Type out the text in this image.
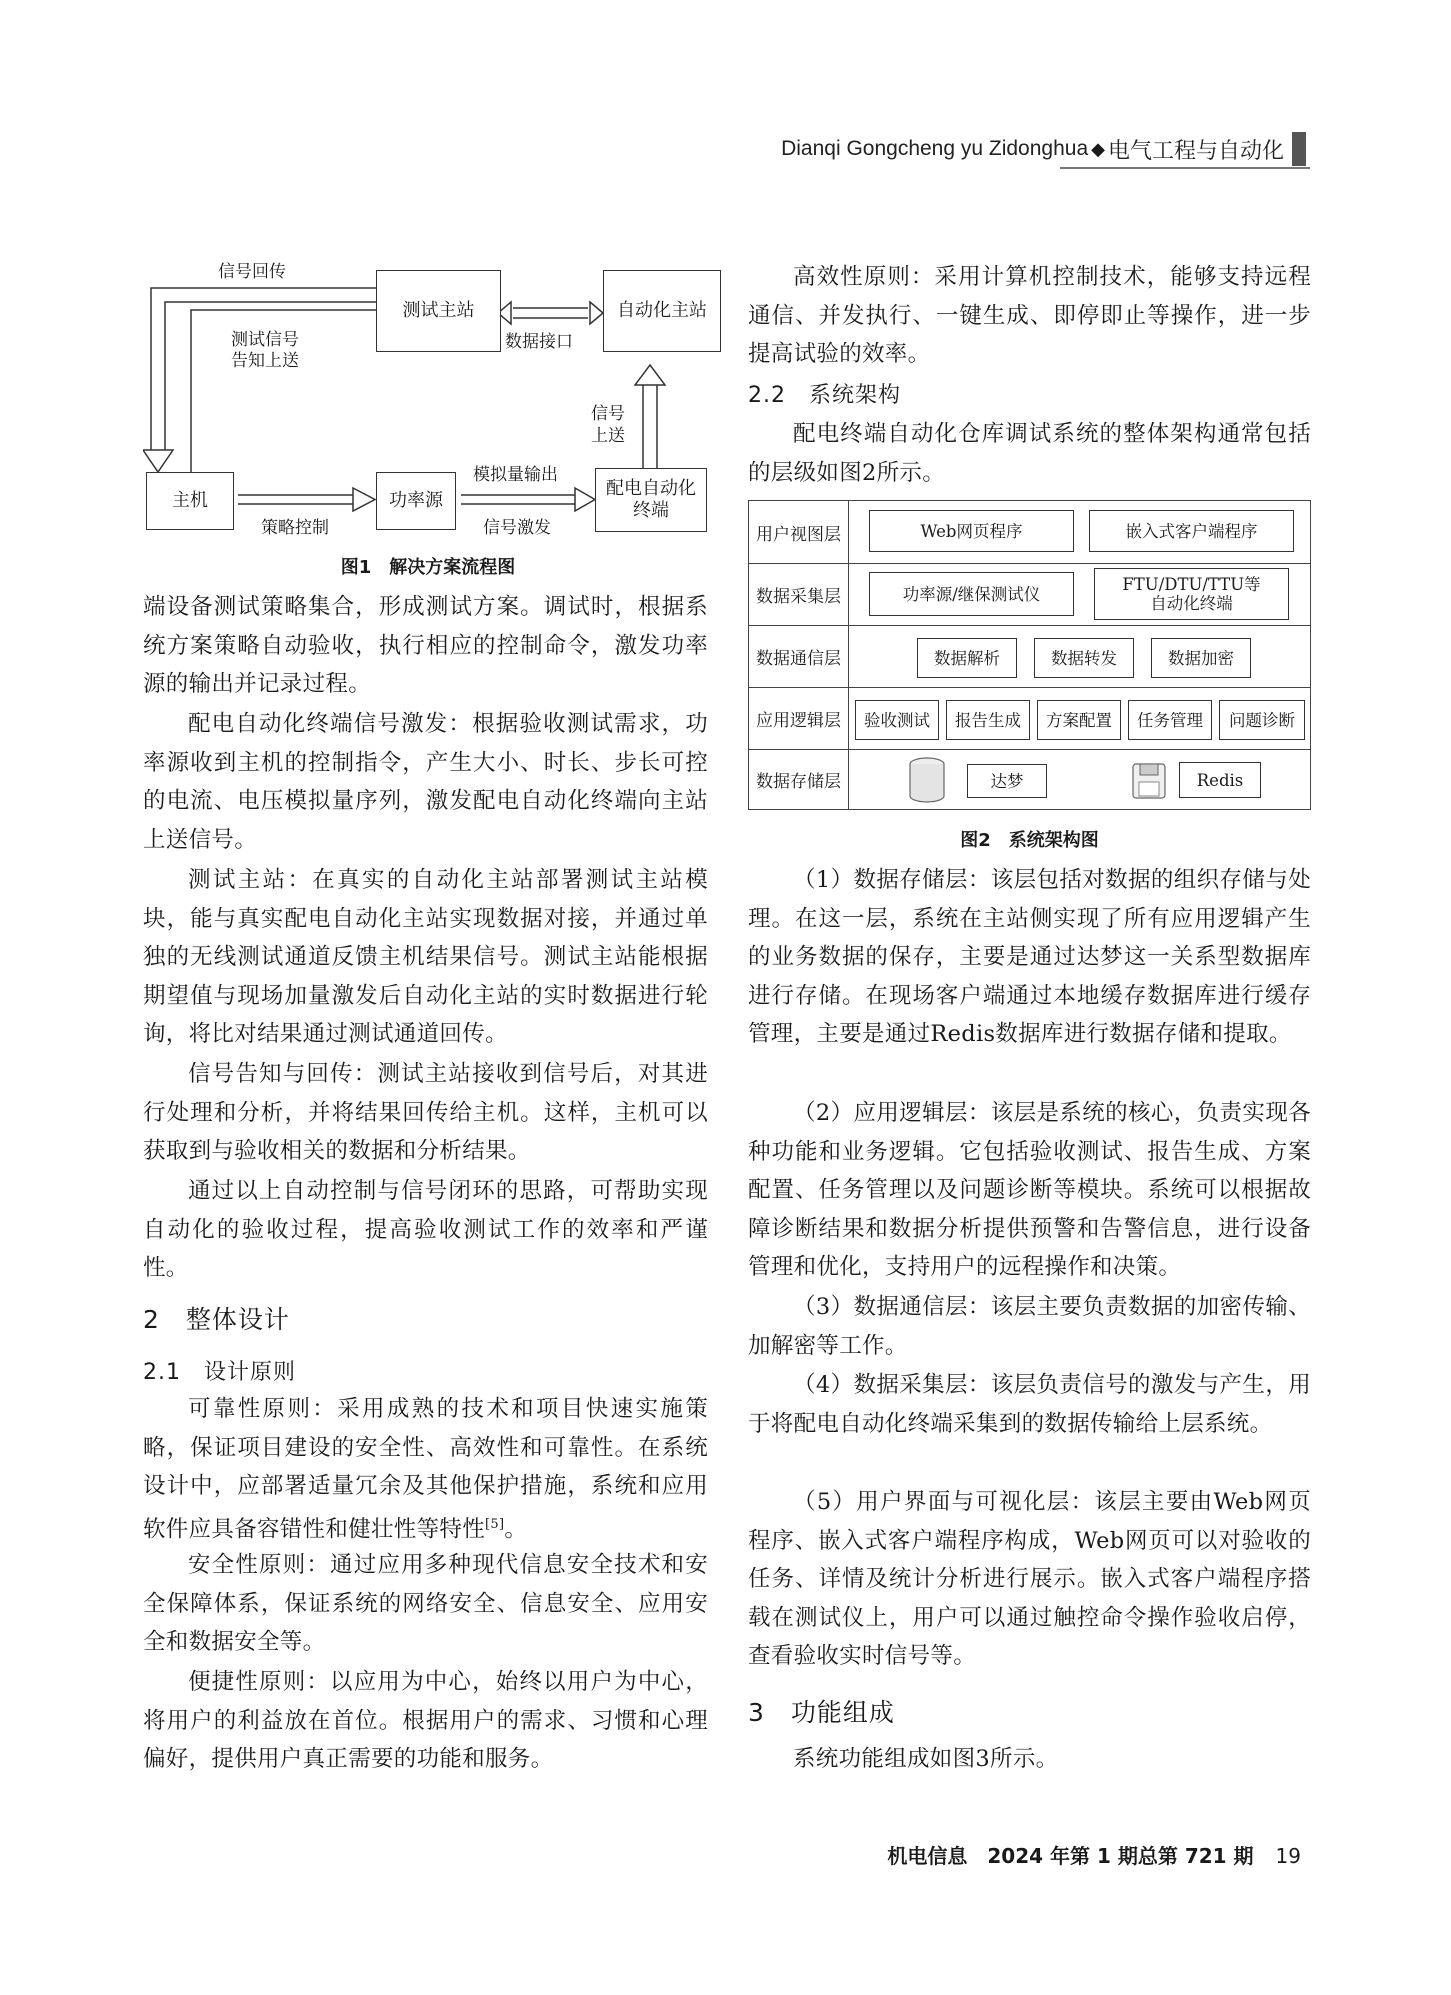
Dianqi Gongcheng yu Zidonghua ◆ 电气工程与自动化
测试主站	自动化主站
主机	功率源
配电自动化终端
信号回传
测试信号
告知上送
数据接口
信号
上送
模拟量输出
策略控制	信号激发
图1　解决方案流程图
端设备测试策略集合，形成测试方案。调试时，根据系统方案策略自动验收，执行相应的控制命令，激发功率源的输出并记录过程。
配电自动化终端信号激发：根据验收测试需求，功率源收到主机的控制指令，产生大小、时长、步长可控的电流、电压模拟量序列，激发配电自动化终端向主站上送信号。
测试主站：在真实的自动化主站部署测试主站模块，能与真实配电自动化主站实现数据对接，并通过单独的无线测试通道反馈主机结果信号。测试主站能根据期望值与现场加量激发后自动化主站的实时数据进行轮询，将比对结果通过测试通道回传。
信号告知与回传：测试主站接收到信号后，对其进行处理和分析，并将结果回传给主机。这样，主机可以获取到与验收相关的数据和分析结果。
通过以上自动控制与信号闭环的思路，可帮助实现自动化的验收过程，提高验收测试工作的效率和严谨性。
2　整体设计
2.1　设计原则
可靠性原则：采用成熟的技术和项目快速实施策略，保证项目建设的安全性、高效性和可靠性。在系统设计中，应部署适量冗余及其他保护措施，系统和应用软件应具备容错性和健壮性等特性[5]。
安全性原则：通过应用多种现代信息安全技术和安全保障体系，保证系统的网络安全、信息安全、应用安全和数据安全等。
便捷性原则：以应用为中心，始终以用户为中心，将用户的利益放在首位。根据用户的需求、习惯和心理偏好，提供用户真正需要的功能和服务。
高效性原则：采用计算机控制技术，能够支持远程通信、并发执行、一键生成、即停即止等操作，进一步提高试验的效率。
2.2　系统架构
配电终端自动化仓库调试系统的整体架构通常包括的层级如图2所示。
用户视图层	Web网页程序	嵌入式客户端程序
数据采集层	功率源/继保测试仪	FTU/DTU/TTU等
自动化终端
数据通信层	数据解析	数据转发	数据加密
应用逻辑层	验收测试	报告生成	方案配置	任务管理	问题诊断
数据存储层	达梦	Redis
图2　系统架构图
（1）数据存储层：该层包括对数据的组织存储与处理。在这一层，系统在主站侧实现了所有应用逻辑产生的业务数据的保存，主要是通过达梦这一关系型数据库进行存储。在现场客户端通过本地缓存数据库进行缓存管理，主要是通过Redis数据库进行数据存储和提取。
（2）应用逻辑层：该层是系统的核心，负责实现各种功能和业务逻辑。它包括验收测试、报告生成、方案配置、任务管理以及问题诊断等模块。系统可以根据故障诊断结果和数据分析提供预警和告警信息，进行设备管理和优化，支持用户的远程操作和决策。
（3）数据通信层：该层主要负责数据的加密传输、加解密等工作。
（4）数据采集层：该层负责信号的激发与产生，用于将配电自动化终端采集到的数据传输给上层系统。
（5）用户界面与可视化层：该层主要由Web网页程序、嵌入式客户端程序构成，Web网页可以对验收的任务、详情及统计分析进行展示。嵌入式客户端程序搭载在测试仪上，用户可以通过触控命令操作验收启停，查看验收实时信号等。
3　功能组成
系统功能组成如图3所示。
机电信息　2024 年第 1 期总第 721 期 19
